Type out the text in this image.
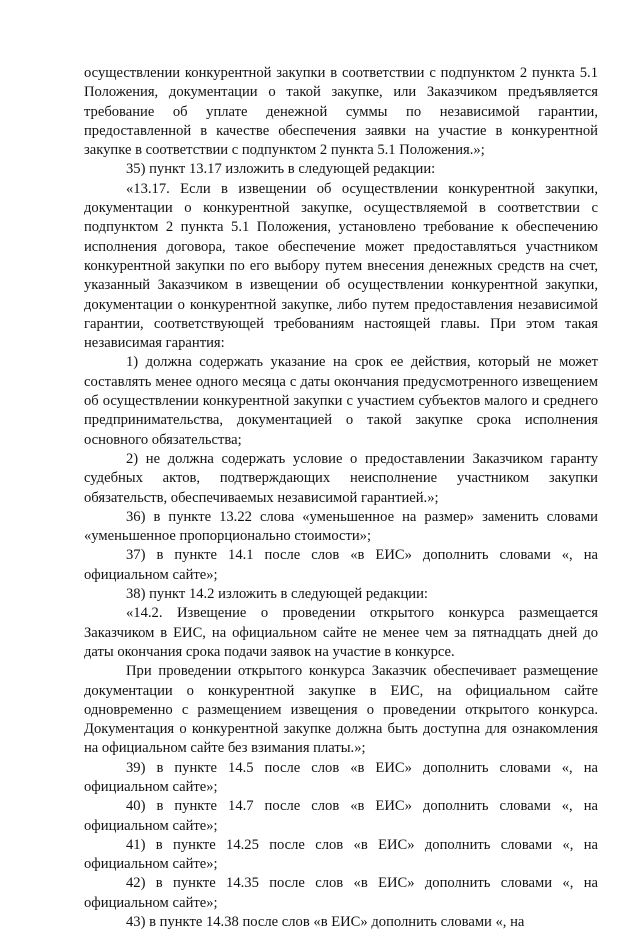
осуществлении конкурентной закупки в соответствии с подпунктом 2 пункта 5.1 Положения, документации о такой закупке, или Заказчиком предъявляется требование об уплате денежной суммы по независимой гарантии, предоставленной в качестве обеспечения заявки на участие в конкурентной закупке в соответствии с подпунктом 2 пункта 5.1 Положения.»;

35) пункт 13.17 изложить в следующей редакции:

«13.17. Если в извещении об осуществлении конкурентной закупки, документации о конкурентной закупке, осуществляемой в соответствии с подпунктом 2 пункта 5.1 Положения, установлено требование к обеспечению исполнения договора, такое обеспечение может предоставляться участником конкурентной закупки по его выбору путем внесения денежных средств на счет, указанный Заказчиком в извещении об осуществлении конкурентной закупки, документации о конкурентной закупке, либо путем предоставления независимой гарантии, соответствующей требованиям настоящей главы. При этом такая независимая гарантия:

1) должна содержать указание на срок ее действия, который не может составлять менее одного месяца с даты окончания предусмотренного извещением об осуществлении конкурентной закупки с участием субъектов малого и среднего предпринимательства, документацией о такой закупке срока исполнения основного обязательства;

2) не должна содержать условие о предоставлении Заказчиком гаранту судебных актов, подтверждающих неисполнение участником закупки обязательств, обеспечиваемых независимой гарантией.»;

36) в пункте 13.22 слова «уменьшенное на размер» заменить словами «уменьшенное пропорционально стоимости»;

37) в пункте 14.1 после слов «в ЕИС» дополнить словами «, на официальном сайте»;

38) пункт 14.2 изложить в следующей редакции:

«14.2. Извещение о проведении открытого конкурса размещается Заказчиком в ЕИС, на официальном сайте не менее чем за пятнадцать дней до даты окончания срока подачи заявок на участие в конкурсе.

При проведении открытого конкурса Заказчик обеспечивает размещение документации о конкурентной закупке в ЕИС, на официальном сайте одновременно с размещением извещения о проведении открытого конкурса. Документация о конкурентной закупке должна быть доступна для ознакомления на официальном сайте без взимания платы.»;

39) в пункте 14.5 после слов «в ЕИС» дополнить словами «, на официальном сайте»;

40) в пункте 14.7 после слов «в ЕИС» дополнить словами «, на официальном сайте»;

41) в пункте 14.25 после слов «в ЕИС» дополнить словами «, на официальном сайте»;

42) в пункте 14.35 после слов «в ЕИС» дополнить словами «, на официальном сайте»;

43) в пункте 14.38 после слов «в ЕИС» дополнить словами «, на
